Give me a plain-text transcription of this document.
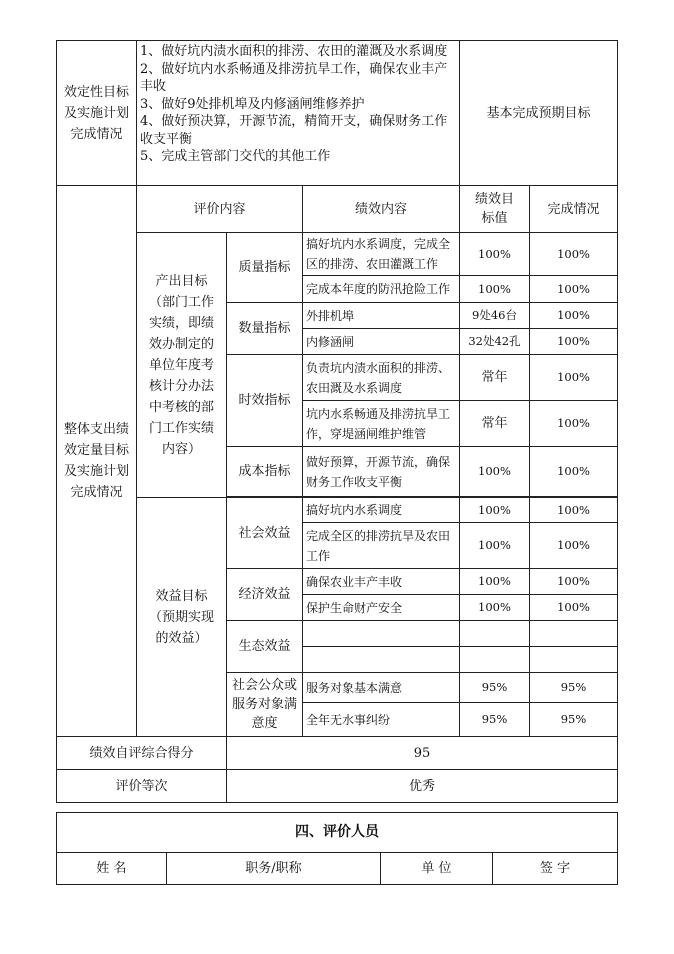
效定性目标及实施计划完成情况	1、做好坑内渍水面积的排涝、农田的灌溉及水系调度
2、做好坑内水系畅通及排涝抗旱工作，确保农业丰产丰收
3、做好9处排机埠及内修涵闸维修养护
4、做好预决算，开源节流，精简开支，确保财务工作收支平衡
5、完成主管部门交代的其他工作			基本完成预期目标	
整体支出绩效定量目标及实施计划完成情况	评价内容		绩效内容	绩效目标值	完成情况
	产出目标（部门工作实绩，即绩效办制定的单位年度考核计分办法中考核的部门工作实绩内容）	质量指标	搞好坑内水系调度，完成全区的排涝、农田灌溉工作	100%	100%
			完成本年度的防汛抢险工作	100%	100%
		数量指标	外排机埠	9处46台	100%
			内修涵闸	32处42孔	100%
		时效指标	负责坑内渍水面积的排涝、农田溉及水系调度	常年	100%
			坑内水系畅通及排涝抗旱工作，穿堤涵闸维护维管	常年	100%
		成本指标	做好预算，开源节流，确保财务工作收支平衡	100%	100%

	效益目标（预期实现的效益）	社会效益	搞好坑内水系调度	100%	100%
			完成全区的排涝抗旱及农田工作	100%	100%
		经济效益	确保农业丰产丰收	100%	100%
			保护生命财产安全	100%	100%
		生态效益			

		社会公众或服务对象满意度	服务对象基本满意	95%	95%
			全年无水事纠纷	95%	95%
绩效自评综合得分		95			
评价等次		优秀			
四、评价人员
姓 名	职务/职称	单 位	签 字
